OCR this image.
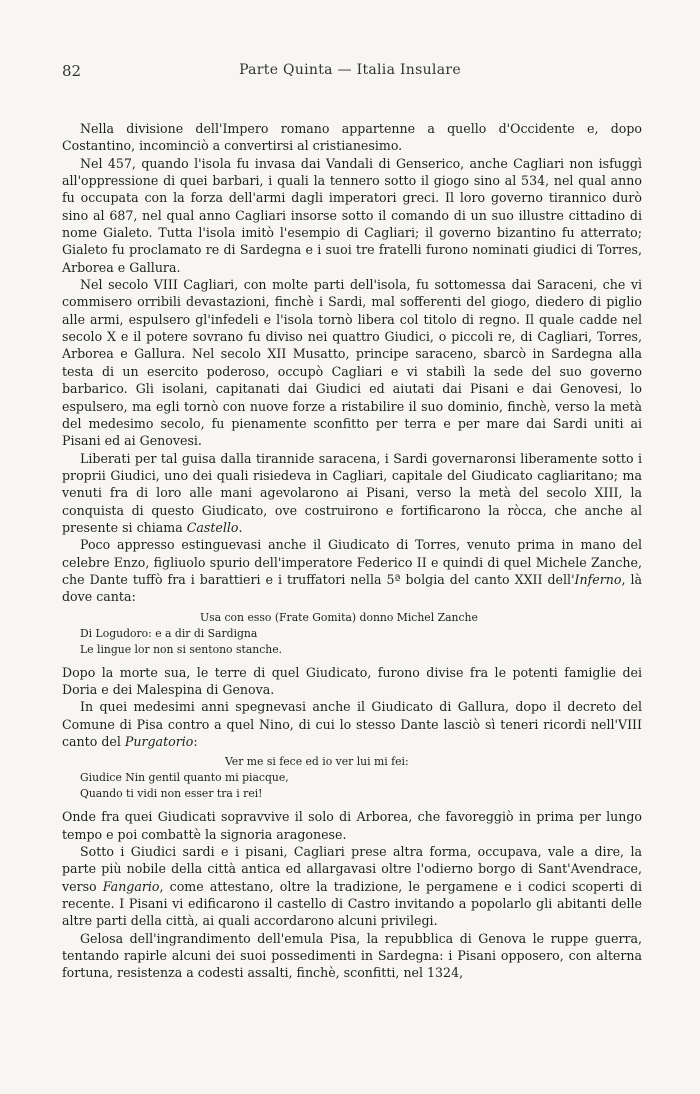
82	Parte Quinta — Italia Insulare

Nella divisione dell'Impero romano appartenne a quello d'Occidente e, dopo Costantino, incominciò a convertirsi al cristianesimo.

Nel 457, quando l'isola fu invasa dai Vandali di Genserico, anche Cagliari non isfuggì all'oppressione di quei barbari, i quali la tennero sotto il giogo sino al 534, nel qual anno fu occupata con la forza dell'armi dagli imperatori greci. Il loro governo tirannico durò sino al 687, nel qual anno Cagliari insorse sotto il comando di un suo illustre cittadino di nome Gialeto. Tutta l'isola imitò l'esempio di Cagliari; il governo bizantino fu atterrato; Gialeto fu proclamato re di Sardegna e i suoi tre fratelli furono nominati giudici di Torres, Arborea e Gallura.

Nel secolo VIII Cagliari, con molte parti dell'isola, fu sottomessa dai Saraceni, che vi commisero orribili devastazioni, finchè i Sardi, mal sofferenti del giogo, diedero di piglio alle armi, espulsero gl'infedeli e l'isola tornò libera col titolo di regno. Il quale cadde nel secolo X e il potere sovrano fu diviso nei quattro Giudici, o piccoli re, di Cagliari, Torres, Arborea e Gallura. Nel secolo XII Musatto, principe saraceno, sbarcò in Sardegna alla testa di un esercito poderoso, occupò Cagliari e vi stabilì la sede del suo governo barbarico. Gli isolani, capitanati dai Giudici ed aiutati dai Pisani e dai Genovesi, lo espulsero, ma egli tornò con nuove forze a ristabilire il suo dominio, finchè, verso la metà del medesimo secolo, fu pienamente sconfitto per terra e per mare dai Sardi uniti ai Pisani ed ai Genovesi.

Liberati per tal guisa dalla tirannide saracena, i Sardi governaronsi liberamente sotto i proprii Giudici, uno dei quali risiedeva in Cagliari, capitale del Giudicato cagliaritano; ma venuti fra di loro alle mani agevolarono ai Pisani, verso la metà del secolo XIII, la conquista di questo Giudicato, ove costruirono e fortificarono la ròcca, che anche al presente si chiama Castello.

Poco appresso estinguevasi anche il Giudicato di Torres, venuto prima in mano del celebre Enzo, figliuolo spurio dell'imperatore Federico II e quindi di quel Michele Zanche, che Dante tuffò fra i barattieri e i truffatori nella 5ª bolgia del canto XXII dell'Inferno, là dove canta:

Usa con esso (Frate Gomita) donno Michel Zanche
Di Logudoro: e a dir di Sardigna
Le lingue lor non si sentono stanche.

Dopo la morte sua, le terre di quel Giudicato, furono divise fra le potenti famiglie dei Doria e dei Malespina di Genova.

In quei medesimi anni spegnevasi anche il Giudicato di Gallura, dopo il decreto del Comune di Pisa contro a quel Nino, di cui lo stesso Dante lasciò sì teneri ricordi nell'VIII canto del Purgatorio:

Ver me si fece ed io ver lui mi fei:
Giudice Nin gentil quanto mi piacque,
Quando ti vidi non esser tra i rei!

Onde fra quei Giudicati sopravvive il solo di Arborea, che favoreggiò in prima per lungo tempo e poi combattè la signoria aragonese.

Sotto i Giudici sardi e i pisani, Cagliari prese altra forma, occupava, vale a dire, la parte più nobile della città antica ed allargavasi oltre l'odierno borgo di Sant'Avendrace, verso Fangario, come attestano, oltre la tradizione, le pergamene e i codici scoperti di recente. I Pisani vi edificarono il castello di Castro invitando a popolarlo gli abitanti delle altre parti della città, ai quali accordarono alcuni privilegi.

Gelosa dell'ingrandimento dell'emula Pisa, la repubblica di Genova le ruppe guerra, tentando rapirle alcuni dei suoi possedimenti in Sardegna: i Pisani opposero, con alterna fortuna, resistenza a codesti assalti, finchè, sconfitti, nel 1324,
